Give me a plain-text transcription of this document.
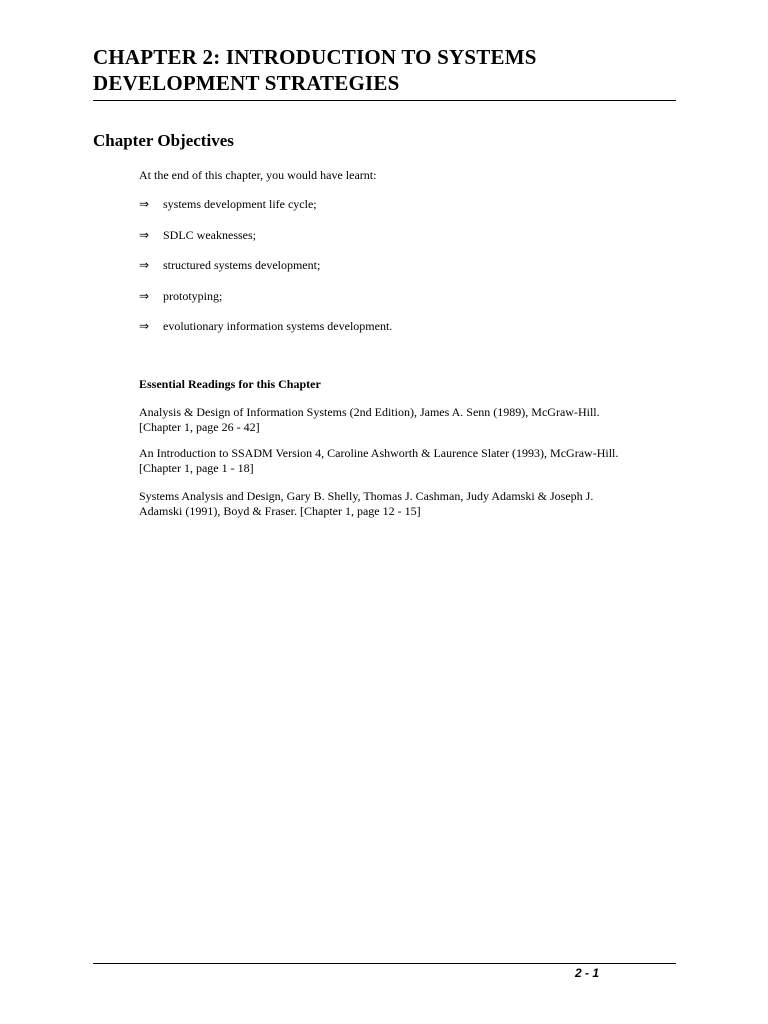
CHAPTER 2: INTRODUCTION TO SYSTEMS
DEVELOPMENT STRATEGIES
Chapter Objectives
At the end of this chapter, you would have learnt:
⇒ systems development life cycle;
⇒ SDLC weaknesses;
⇒ structured systems development;
⇒ prototyping;
⇒ evolutionary information systems development.
Essential Readings for this Chapter

Analysis & Design of Information Systems (2nd Edition), James A. Senn (1989), McGraw-Hill.
[Chapter 1, page 26 - 42]

An Introduction to SSADM Version 4, Caroline Ashworth & Laurence Slater (1993), McGraw-Hill.
[Chapter 1, page 1 - 18]

Systems Analysis and Design, Gary B. Shelly, Thomas J. Cashman, Judy Adamski & Joseph J.
Adamski (1991), Boyd & Fraser. [Chapter 1, page 12 - 15]

2 - 1
